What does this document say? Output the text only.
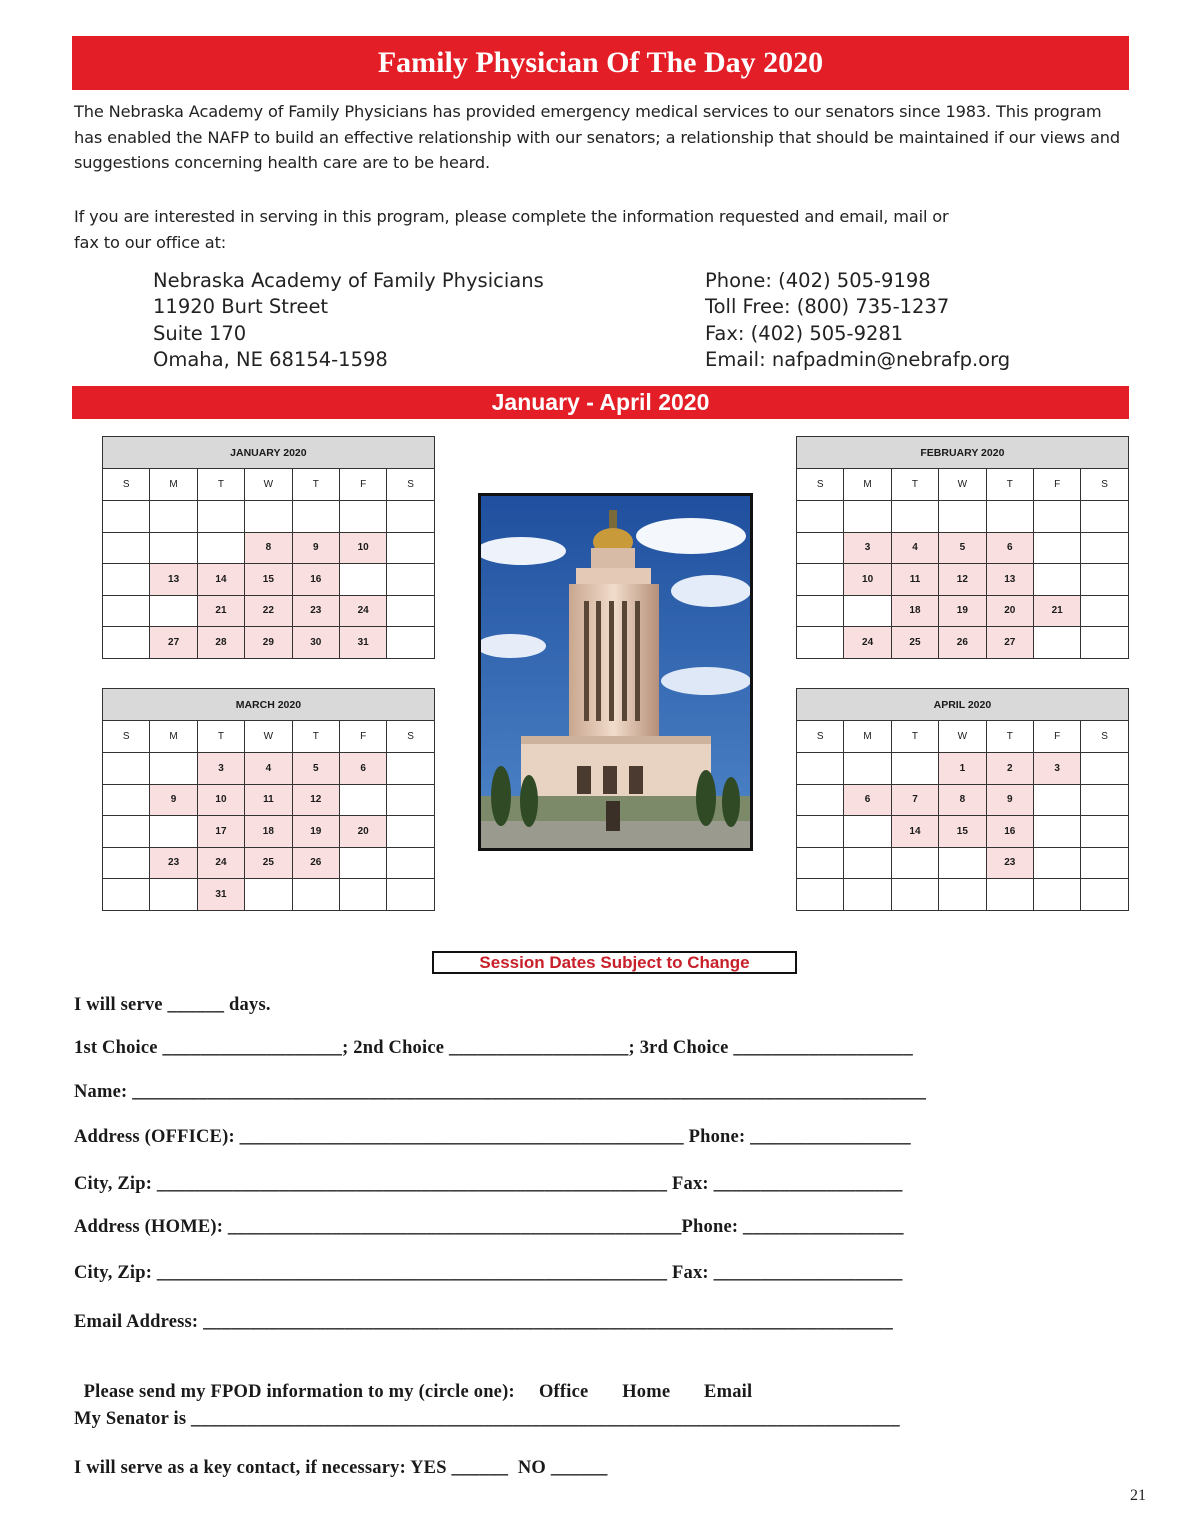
Family Physician Of The Day 2020

The Nebraska Academy of Family Physicians has provided emergency medical services to our senators since 1983. This program has enabled the NAFP to build an effective relationship with our senators; a relationship that should be maintained if our views and suggestions concerning health care are to be heard.

If you are interested in serving in this program, please complete the information requested and email, mail or fax to our office at:

Nebraska Academy of Family Physicians
11920 Burt Street
Suite 170
Omaha, NE 68154-1598
Phone: (402) 505-9198
Toll Free: (800) 735-1237
Fax: (402) 505-9281
Email: nafpadmin@nebrafp.org
January - April 2020
JANUARY 2020						
S	M	T	W	T	F	S

			8	9	10	
	13	14	15	16		
		21	22	23	24	
	27	28	29	30	31	
FEBRUARY 2020						
S	M	T	W	T	F	S

	3	4	5	6		
	10	11	12	13		
		18	19	20	21	
	24	25	26	27		
MARCH 2020						
S	M	T	W	T	F	S
		3	4	5	6	
	9	10	11	12		
		17	18	19	20	
	23	24	25	26		
		31				
APRIL 2020						
S	M	T	W	T	F	S
			1	2	3	
	6	7	8	9		
		14	15	16		
				23		

Session Dates Subject to Change
I will serve ______ days.
1st Choice ___________________; 2nd Choice ___________________; 3rd Choice ___________________
Name: ____________________________________________________________________________________
Address (OFFICE): _______________________________________________ Phone: _________________
City, Zip: ______________________________________________________ Fax: ____________________
Address (HOME): ________________________________________________Phone: _________________
City, Zip: ______________________________________________________ Fax: ____________________
Email Address: _________________________________________________________________________

Please send my FPOD information to my (circle one): Office Home Email

My Senator is ___________________________________________________________________________
I will serve as a key contact, if necessary: YES ______  NO ______
21
